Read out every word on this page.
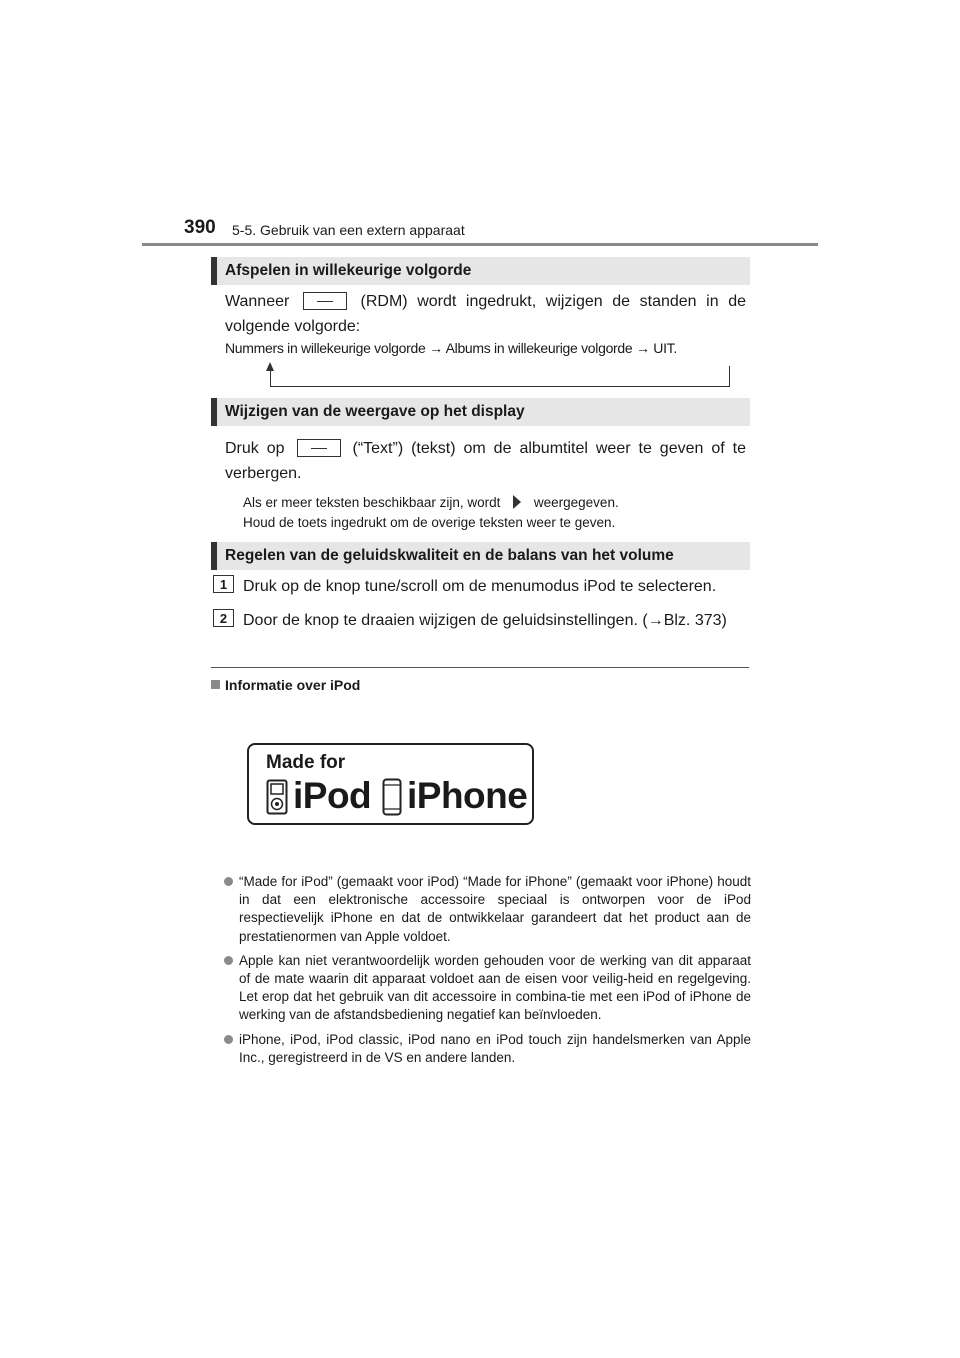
390 5-5. Gebruik van een extern apparaat
Afspelen in willekeurige volgorde
Wanneer	(RDM) wordt ingedrukt, wijzigen de standen in de volgende volgorde:
Nummers in willekeurige volgorde → Albums in willekeurige volgorde → UIT.
Wijzigen van de weergave op het display
Druk op	(“Text”) (tekst) om de albumtitel weer te geven of te verbergen.
Als er meer teksten beschikbaar zijn, wordt weergegeven.
Houd de toets ingedrukt om de overige teksten weer te geven.
Regelen van de geluidskwaliteit en de balans van het volume
1 Druk op de knop tune/scroll om de menumodus iPod te selecteren.
2 Door de knop te draaien wijzigen de geluidsinstellingen. (→Blz. 373)
Informatie over iPod
Made for
iPod iPhone
“Made for iPod” (gemaakt voor iPod) “Made for iPhone” (gemaakt voor iPhone) houdt in dat een elektronische accessoire speciaal is ontworpen voor de iPod respectievelijk iPhone en dat de ontwikkelaar garandeert dat het product aan de prestatienormen van Apple voldoet.
Apple kan niet verantwoordelijk worden gehouden voor de werking van dit apparaat of de mate waarin dit apparaat voldoet aan de eisen voor veilig-heid en regelgeving. Let erop dat het gebruik van dit accessoire in combina-tie met een iPod of iPhone de werking van de afstandsbediening negatief kan beïnvloeden.
iPhone, iPod, iPod classic, iPod nano en iPod touch zijn handelsmerken van Apple Inc., geregistreerd in de VS en andere landen.
